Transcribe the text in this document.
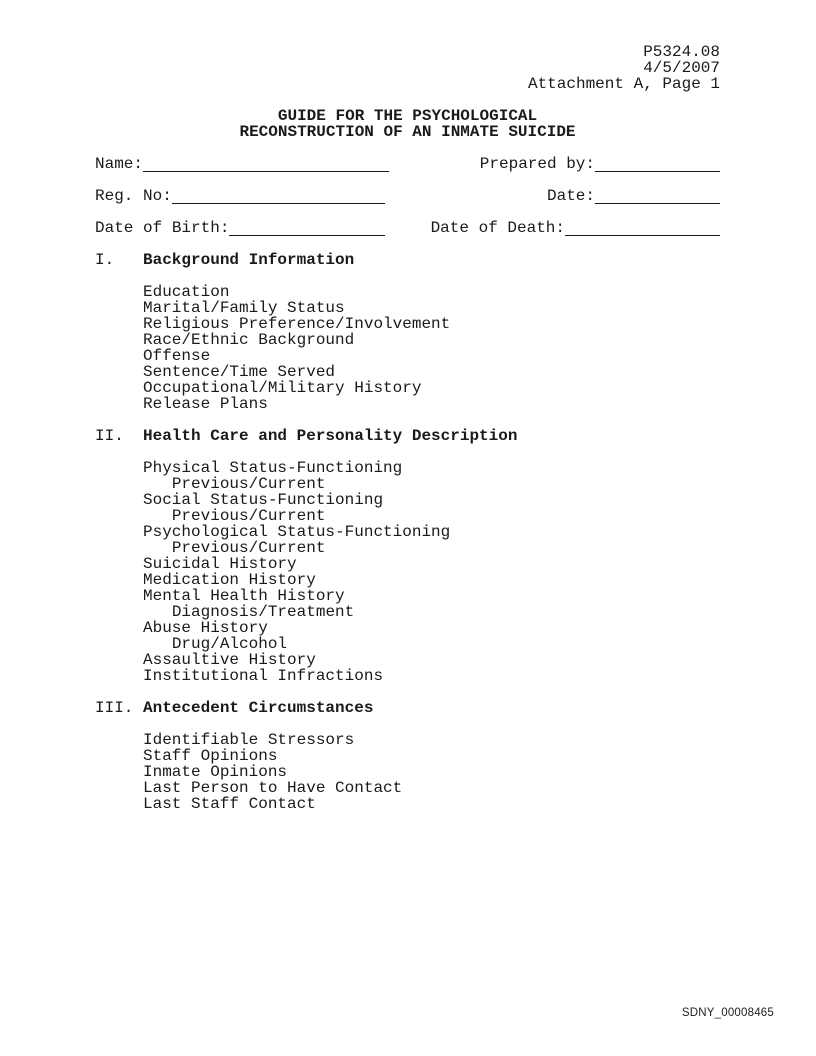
P5324.08
4/5/2007
Attachment A, Page 1
GUIDE FOR THE PSYCHOLOGICAL
RECONSTRUCTION OF AN INMATE SUICIDE
Name:	Prepared by:
Reg. No:	Date:
Date of Birth:	Date of Death:
I.	Background Information
Education
Marital/Family Status
Religious Preference/Involvement
Race/Ethnic Background
Offense
Sentence/Time Served
Occupational/Military History
Release Plans
II.	Health Care and Personality Description
Physical Status-Functioning
Previous/Current
Social Status-Functioning
Previous/Current
Psychological Status-Functioning
Previous/Current
Suicidal History
Medication History
Mental Health History
Diagnosis/Treatment
Abuse History
Drug/Alcohol
Assaultive History
Institutional Infractions
III. Antecedent Circumstances
Identifiable Stressors
Staff Opinions
Inmate Opinions
Last Person to Have Contact
Last Staff Contact
SDNY_00008465
